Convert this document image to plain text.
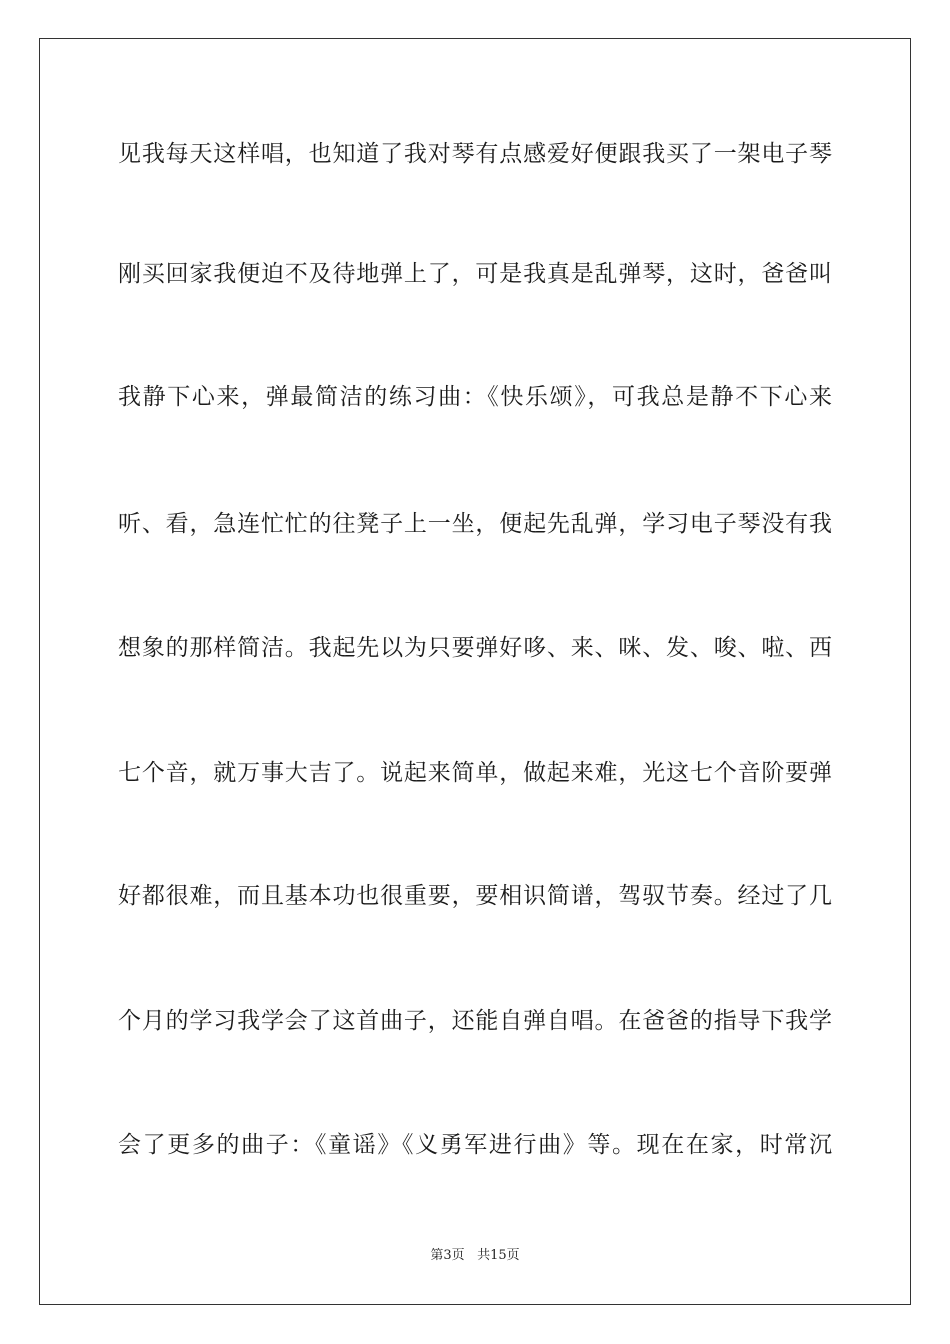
见我每天这样唱，也知道了我对琴有点感爱好便跟我买了一架电子琴
刚买回家我便迫不及待地弹上了，可是我真是乱弹琴，这时，爸爸叫
我静下心来，弹最简洁的练习曲：《快乐颂》，可我总是静不下心来
听、看，急连忙忙的往凳子上一坐，便起先乱弹，学习电子琴没有我
想象的那样简洁。我起先以为只要弹好哆、来、咪、发、唆、啦、西
七个音，就万事大吉了。说起来简单，做起来难，光这七个音阶要弹
好都很难，而且基本功也很重要，要相识简谱，驾驭节奏。经过了几
个月的学习我学会了这首曲子，还能自弹自唱。在爸爸的指导下我学
会了更多的曲子：《童谣》《义勇军进行曲》等。现在在家，时常沉
第3页 共15页
